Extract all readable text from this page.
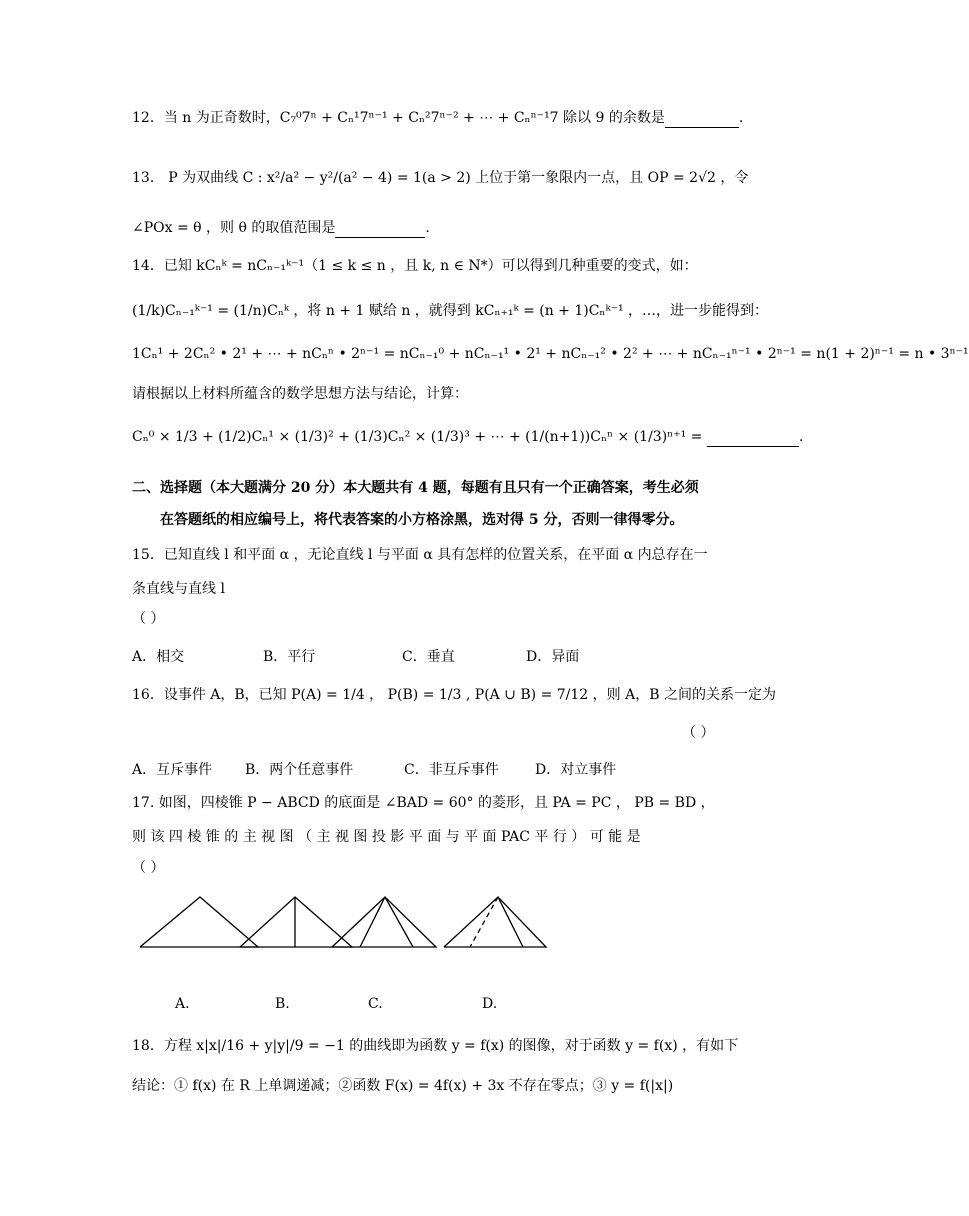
12．当 n 为正奇数时，C₇⁰7ⁿ + Cₙ¹7ⁿ⁻¹ + Cₙ²7ⁿ⁻² + ⋯ + Cₙⁿ⁻¹7 除以 9 的余数是	.
13． P 为双曲线 C : x²/a² − y²/(a² − 4) = 1(a > 2) 上位于第一象限内一点，且 OP = 2√2 ，令
∠POx = θ ，则 θ 的取值范围是	.
14．已知 kCₙᵏ = nCₙ₋₁ᵏ⁻¹（1 ≤ k ≤ n ，且 k, n ∈ N*）可以得到几种重要的变式，如：
(1/k)Cₙ₋₁ᵏ⁻¹ = (1/n)Cₙᵏ ，将 n + 1 赋给 n ，就得到 kCₙ₊₁ᵏ = (n + 1)Cₙᵏ⁻¹ ，…，进一步能得到：
1Cₙ¹ + 2Cₙ² • 2¹ + ⋯ + nCₙⁿ • 2ⁿ⁻¹ = nCₙ₋₁⁰ + nCₙ₋₁¹ • 2¹ + nCₙ₋₁² • 2² + ⋯ + nCₙ₋₁ⁿ⁻¹ • 2ⁿ⁻¹ = n(1 + 2)ⁿ⁻¹ = n • 3ⁿ⁻¹
请根据以上材料所蕴含的数学思想方法与结论，计算：
Cₙ⁰ × 1/3 + (1/2)Cₙ¹ × (1/3)² + (1/3)Cₙ² × (1/3)³ + ⋯ + (1/(n+1))Cₙⁿ × (1/3)ⁿ⁺¹ =	.
二、选择题（本大题满分 20 分）本大题共有 4 题，每题有且只有一个正确答案，考生必须
在答题纸的相应编号上，将代表答案的小方格涂黑，选对得 5 分，否则一律得零分。
15．已知直线 l 和平面 α ，无论直线 l 与平面 α 具有怎样的位置关系，在平面 α 内总存在一
条直线与直线 l
（ ）
A．相交	B．平行	C．垂直	D．异面
16．设事件 A，B，已知 P(A) = 1/4 ， P(B) = 1/3 , P(A ∪ B) = 7/12 ，则 A，B 之间的关系一定为
（ ）
A．互斥事件 B．两个任意事件	C．非互斥事件	D．对立事件
17. 如图，四棱锥 P − ABCD 的底面是 ∠BAD = 60° 的菱形，且 PA = PC ， PB = BD ，
则 该 四 棱 锥 的 主 视 图 （ 主 视 图 投 影 平 面 与 平 面 PAC 平 行 ） 可 能 是
（ ）
A.	B.	C.	D.
18．方程 x|x|/16 + y|y|/9 = −1 的曲线即为函数 y = f(x) 的图像，对于函数 y = f(x) ，有如下
结论：① f(x) 在 R 上单调递减；②函数 F(x) = 4f(x) + 3x 不存在零点；③ y = f(|x|)
